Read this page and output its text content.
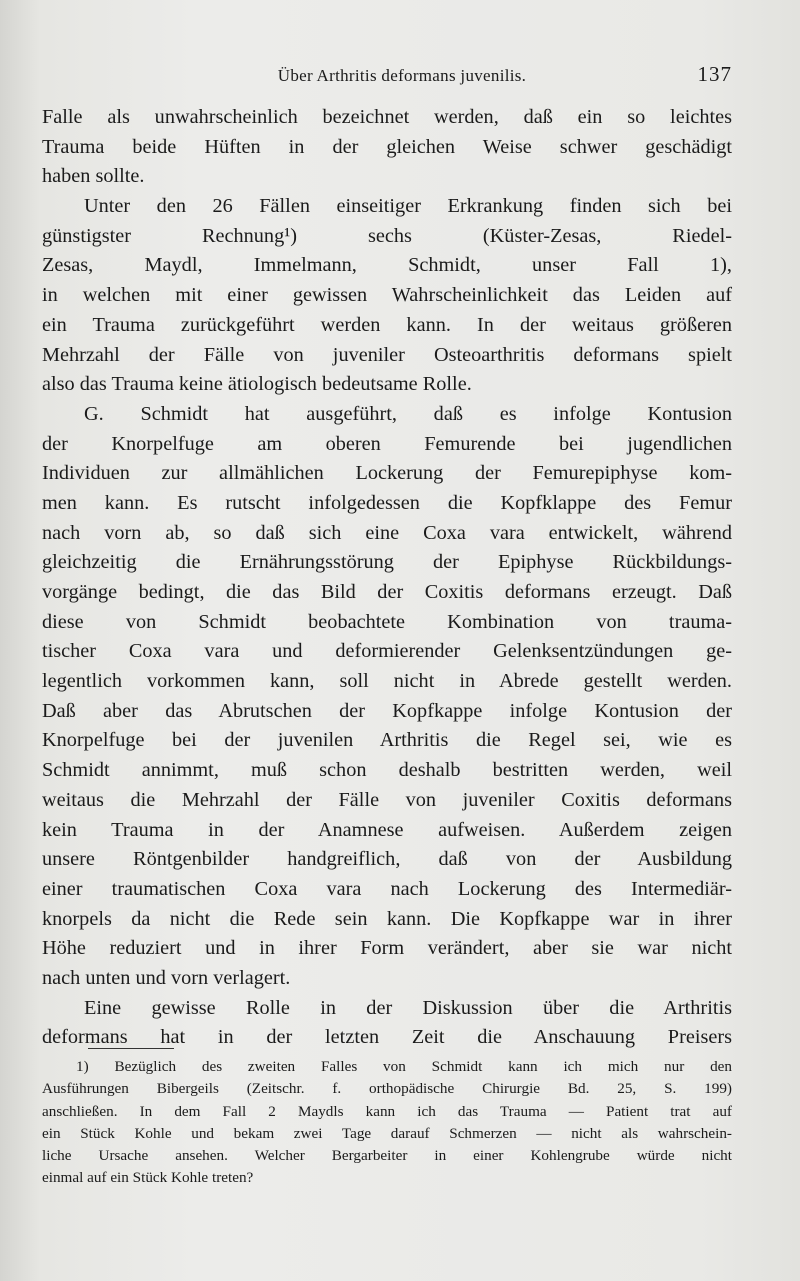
Über Arthritis deformans juvenilis.	137
Falle als unwahrscheinlich bezeichnet werden, daß ein so leichtes
Trauma beide Hüften in der gleichen Weise schwer geschädigt
haben sollte.
Unter den 26 Fällen einseitiger Erkrankung finden sich bei
günstigster Rechnung¹) sechs (Küster-Zesas, Riedel-
Zesas, Maydl, Immelmann, Schmidt, unser Fall 1),
in welchen mit einer gewissen Wahrscheinlichkeit das Leiden auf
ein Trauma zurückgeführt werden kann. In der weitaus größeren
Mehrzahl der Fälle von juveniler Osteoarthritis deformans spielt
also das Trauma keine ätiologisch bedeutsame Rolle.
G. Schmidt hat ausgeführt, daß es infolge Kontusion
der Knorpelfuge am oberen Femurende bei jugendlichen
Individuen zur allmählichen Lockerung der Femurepiphyse kom-
men kann. Es rutscht infolgedessen die Kopfklappe des Femur
nach vorn ab, so daß sich eine Coxa vara entwickelt, während
gleichzeitig die Ernährungsstörung der Epiphyse Rückbildungs-
vorgänge bedingt, die das Bild der Coxitis deformans erzeugt. Daß
diese von Schmidt beobachtete Kombination von trauma-
tischer Coxa vara und deformierender Gelenksentzündungen ge-
legentlich vorkommen kann, soll nicht in Abrede gestellt werden.
Daß aber das Abrutschen der Kopfkappe infolge Kontusion der
Knorpelfuge bei der juvenilen Arthritis die Regel sei, wie es
Schmidt annimmt, muß schon deshalb bestritten werden, weil
weitaus die Mehrzahl der Fälle von juveniler Coxitis deformans
kein Trauma in der Anamnese aufweisen. Außerdem zeigen
unsere Röntgenbilder handgreiflich, daß von der Ausbildung
einer traumatischen Coxa vara nach Lockerung des Intermediär-
knorpels da nicht die Rede sein kann. Die Kopfkappe war in ihrer
Höhe reduziert und in ihrer Form verändert, aber sie war nicht
nach unten und vorn verlagert.
Eine gewisse Rolle in der Diskussion über die Arthritis
deformans hat in der letzten Zeit die Anschauung Preisers
1) Bezüglich des zweiten Falles von Schmidt kann ich mich nur den
Ausführungen Bibergeils (Zeitschr. f. orthopädische Chirurgie Bd. 25, S. 199)
anschließen. In dem Fall 2 Maydls kann ich das Trauma — Patient trat auf
ein Stück Kohle und bekam zwei Tage darauf Schmerzen — nicht als wahrschein-
liche Ursache ansehen. Welcher Bergarbeiter in einer Kohlengrube würde nicht
einmal auf ein Stück Kohle treten?
